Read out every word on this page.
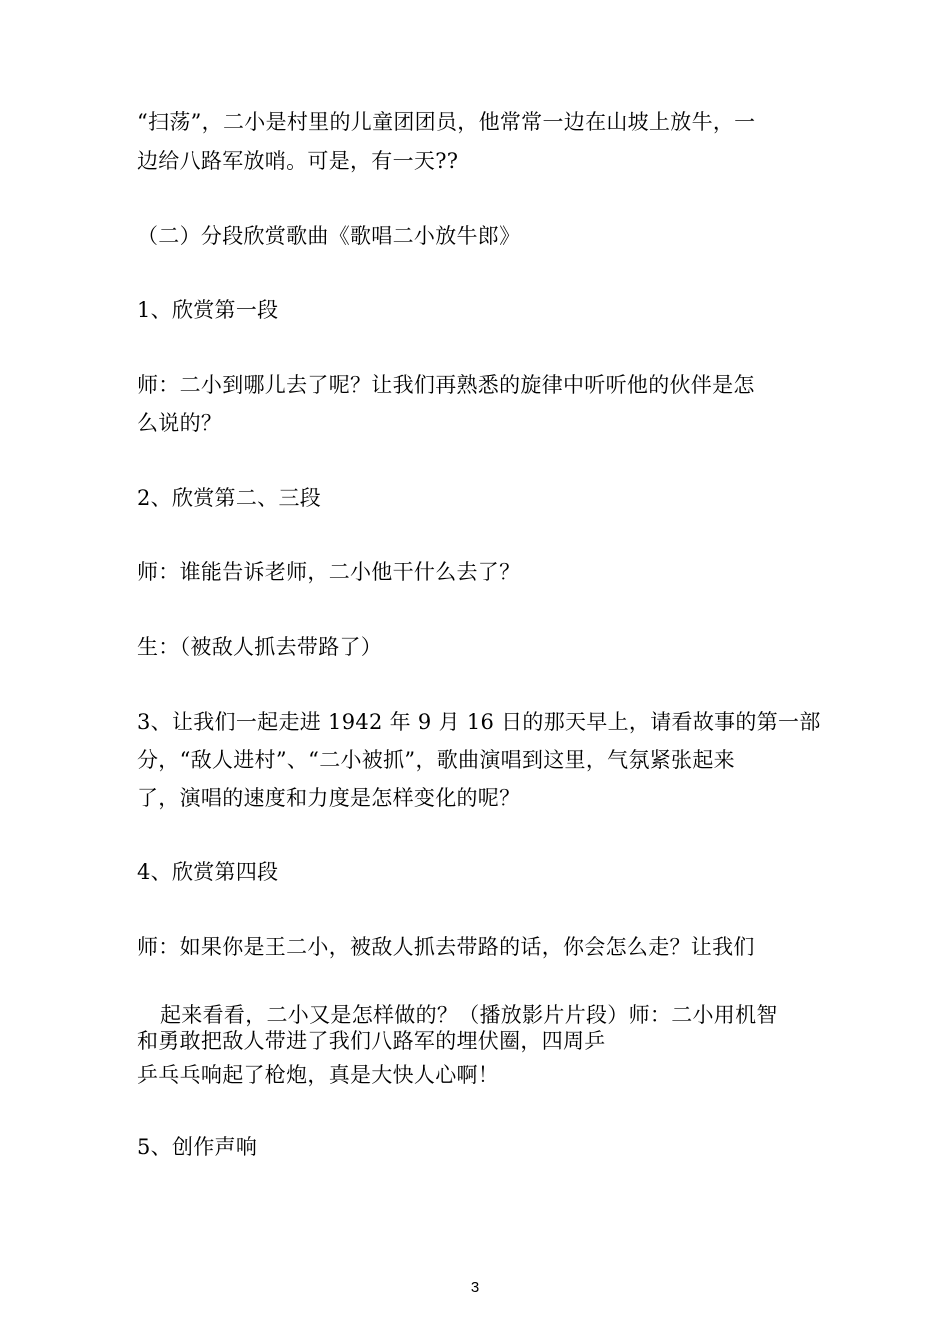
“扫荡”，二小是村里的儿童团团员，他常常一边在山坡上放牛，一
边给八路军放哨。可是，有一天??
（二）分段欣赏歌曲《歌唱二小放牛郎》
1、欣赏第一段
师：二小到哪儿去了呢？让我们再熟悉的旋律中听听他的伙伴是怎
么说的？
2、欣赏第二、三段
师：谁能告诉老师，二小他干什么去了？
生：（被敌人抓去带路了）
3、让我们一起走进 1942 年 9 月 16 日的那天早上，请看故事的第一部
分，“敌人进村”、“二小被抓”，歌曲演唱到这里，气氛紧张起来
了，演唱的速度和力度是怎样变化的呢？
4、欣赏第四段
师：如果你是王二小，被敌人抓去带路的话，你会怎么走？让我们
起来看看，二小又是怎样做的？（播放影片片段）师：二小用机智
和勇敢把敌人带进了我们八路军的埋伏圈，四周乒
乒乓乓响起了枪炮，真是大快人心啊！
5、创作声响
3
